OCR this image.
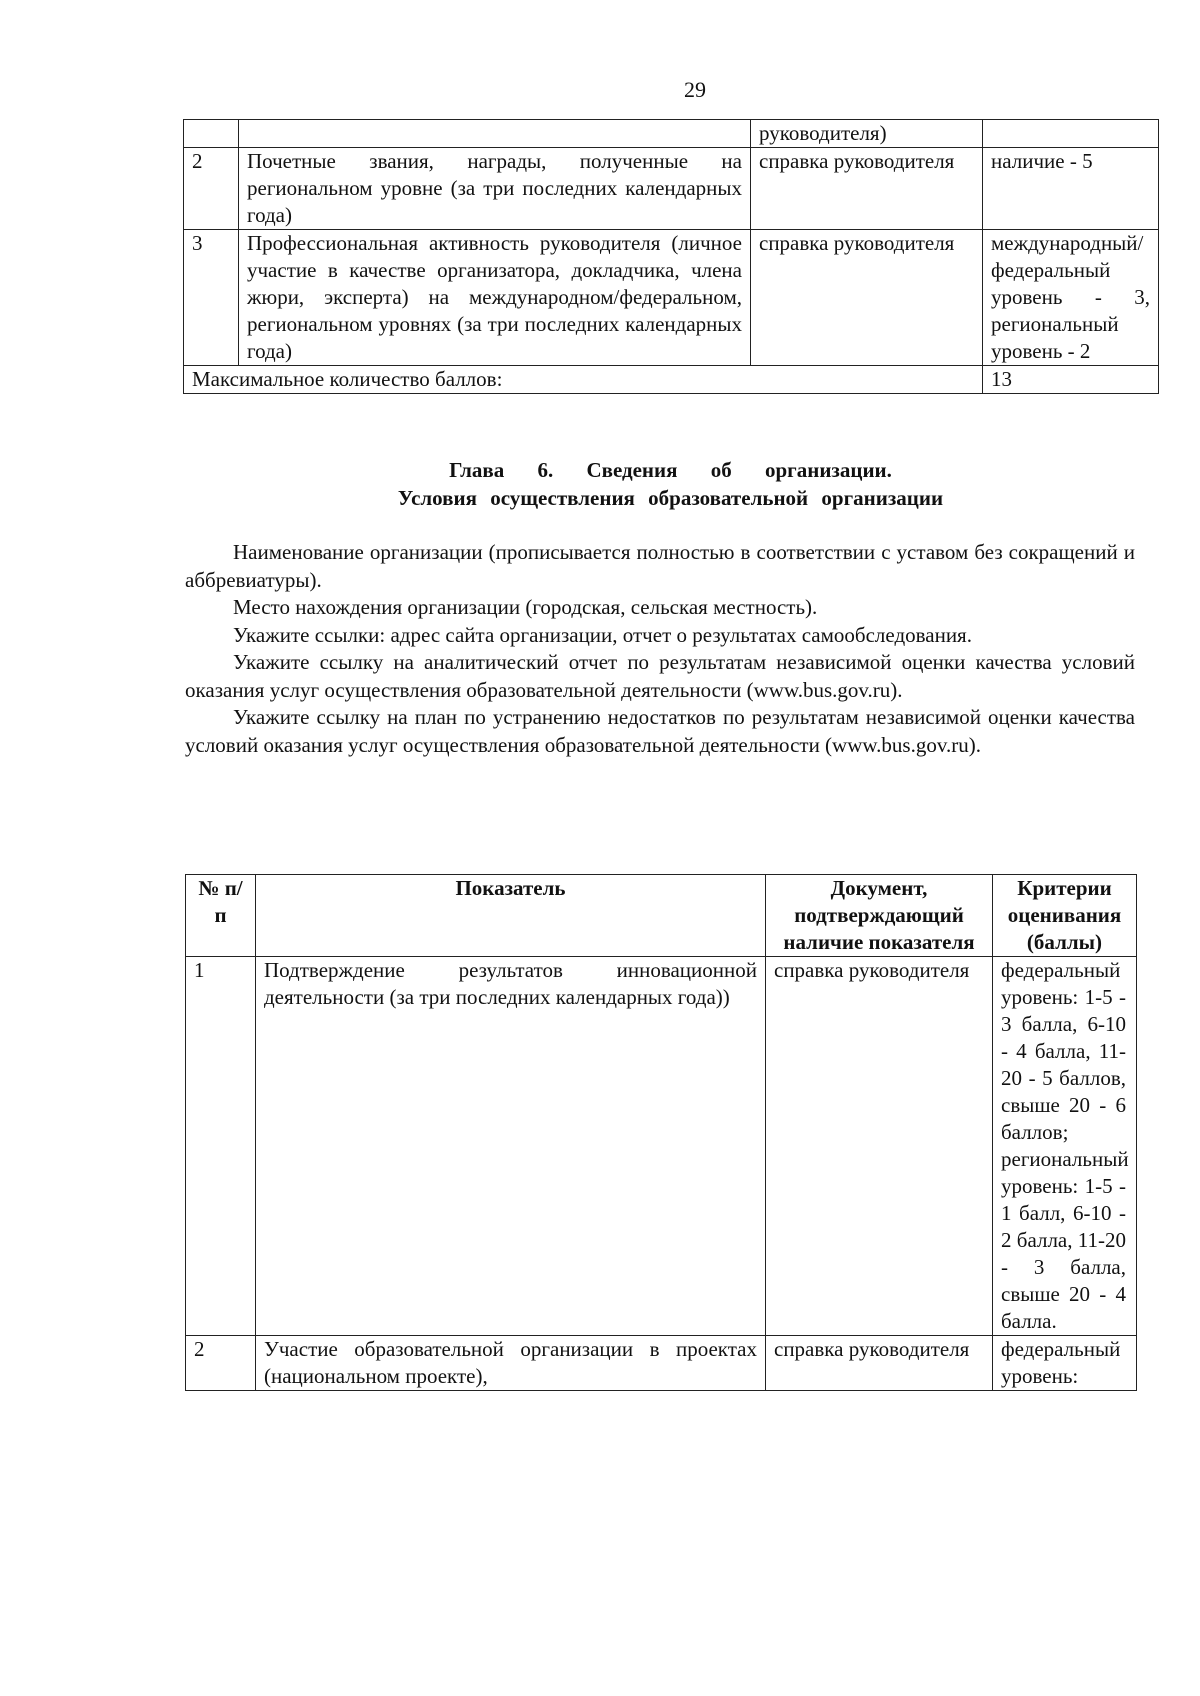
29
		руководителя)	
2	Почетные звания, награды, полученные на региональном уровне (за три последних календарных года)	справка руководителя	наличие - 5
3	Профессиональная активность руководителя (личное участие в качестве организатора, докладчика, члена жюри, эксперта) на международном/федеральном, региональном уровнях (за три последних календарных года)	справка руководителя	международный/ федеральный уровень - 3, региональный уровень - 2
Максимальное количество баллов:			13
Глава 6. Сведения об организации.
Условия осуществления образовательной организации

Наименование организации (прописывается полностью в соответствии с уставом без сокращений и аббревиатуры).

Место нахождения организации (городская, сельская местность).

Укажите ссылки: адрес сайта организации, отчет о результатах самообследования.

Укажите ссылку на аналитический отчет по результатам независимой оценки качества условий оказания услуг осуществления образовательной деятельности (www.bus.gov.ru).

Укажите ссылку на план по устранению недостатков по результатам независимой оценки качества условий оказания услуг осуществления образовательной деятельности (www.bus.gov.ru).

№ п/п	Показатель	Документ, подтверждающий наличие показателя	Критерии оценивания (баллы)
1	Подтверждение результатов инновационной деятельности (за три последних календарных года))	справка руководителя	федеральный уровень: 1-5 - 3 балла, 6-10 - 4 балла, 11-20 - 5 баллов, свыше 20 - 6 баллов; региональный уровень: 1-5 - 1 балл, 6-10 - 2 балла, 11-20 - 3 балла, свыше 20 - 4 балла.
2	Участие образовательной организации в проектах (национальном проекте),	справка руководителя	федеральный уровень:
